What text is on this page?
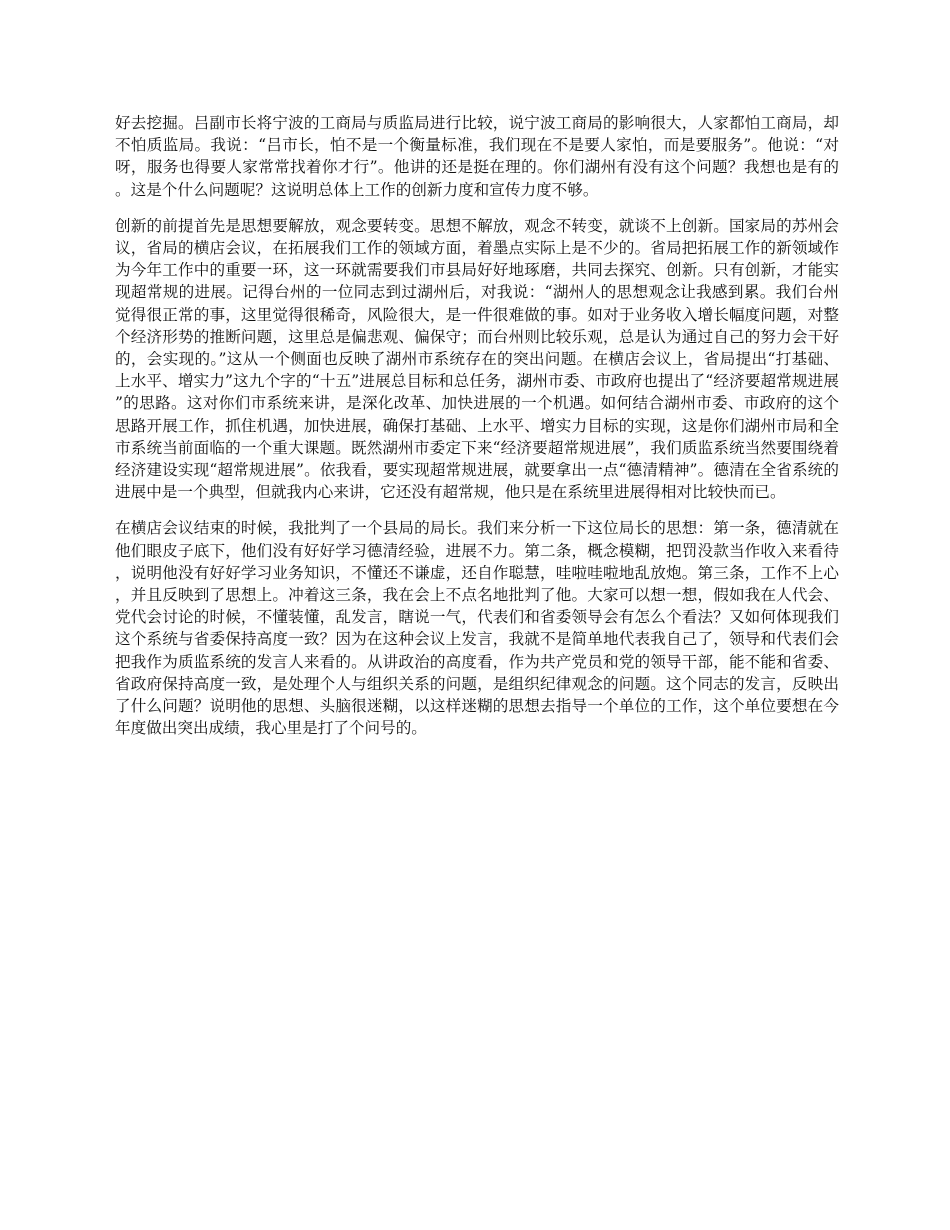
好去挖掘。吕副市长将宁波的工商局与质监局进行比较，说宁波工商局的影响很大，人家都怕工商局，却不怕质监局。我说：“吕市长，怕不是一个衡量标准，我们现在不是要人家怕，而是要服务”。他说：“对呀，服务也得要人家常常找着你才行”。他讲的还是挺在理的。你们湖州有没有这个问题？我想也是有的。这是个什么问题呢？这说明总体上工作的创新力度和宣传力度不够。

创新的前提首先是思想要解放，观念要转变。思想不解放，观念不转变，就谈不上创新。国家局的苏州会议，省局的横店会议，在拓展我们工作的领域方面，着墨点实际上是不少的。省局把拓展工作的新领域作为今年工作中的重要一环，这一环就需要我们市县局好好地琢磨，共同去探究、创新。只有创新，才能实现超常规的进展。记得台州的一位同志到过湖州后，对我说：“湖州人的思想观念让我感到累。我们台州觉得很正常的事，这里觉得很稀奇，风险很大，是一件很难做的事。如对于业务收入增长幅度问题，对整个经济形势的推断问题，这里总是偏悲观、偏保守；而台州则比较乐观，总是认为通过自己的努力会干好的，会实现的。”这从一个侧面也反映了湖州市系统存在的突出问题。在横店会议上，省局提出“打基础、上水平、增实力”这九个字的“十五”进展总目标和总任务，湖州市委、市政府也提出了“经济要超常规进展”的思路。这对你们市系统来讲，是深化改革、加快进展的一个机遇。如何结合湖州市委、市政府的这个思路开展工作，抓住机遇，加快进展，确保打基础、上水平、增实力目标的实现，这是你们湖州市局和全市系统当前面临的一个重大课题。既然湖州市委定下来“经济要超常规进展”，我们质监系统当然要围绕着经济建设实现“超常规进展”。依我看，要实现超常规进展，就要拿出一点“德清精神”。德清在全省系统的进展中是一个典型，但就我内心来讲，它还没有超常规，他只是在系统里进展得相对比较快而已。

在横店会议结束的时候，我批判了一个县局的局长。我们来分析一下这位局长的思想：第一条，德清就在他们眼皮子底下，他们没有好好学习德清经验，进展不力。第二条，概念模糊，把罚没款当作收入来看待，说明他没有好好学习业务知识，不懂还不谦虚，还自作聪慧，哇啦哇啦地乱放炮。第三条，工作不上心，并且反映到了思想上。冲着这三条，我在会上不点名地批判了他。大家可以想一想，假如我在人代会、党代会讨论的时候，不懂装懂，乱发言，瞎说一气，代表们和省委领导会有怎么个看法？又如何体现我们这个系统与省委保持高度一致？因为在这种会议上发言，我就不是简单地代表我自己了，领导和代表们会把我作为质监系统的发言人来看的。从讲政治的高度看，作为共产党员和党的领导干部，能不能和省委、省政府保持高度一致，是处理个人与组织关系的问题，是组织纪律观念的问题。这个同志的发言，反映出了什么问题？说明他的思想、头脑很迷糊，以这样迷糊的思想去指导一个单位的工作，这个单位要想在今年度做出突出成绩，我心里是打了个问号的。
